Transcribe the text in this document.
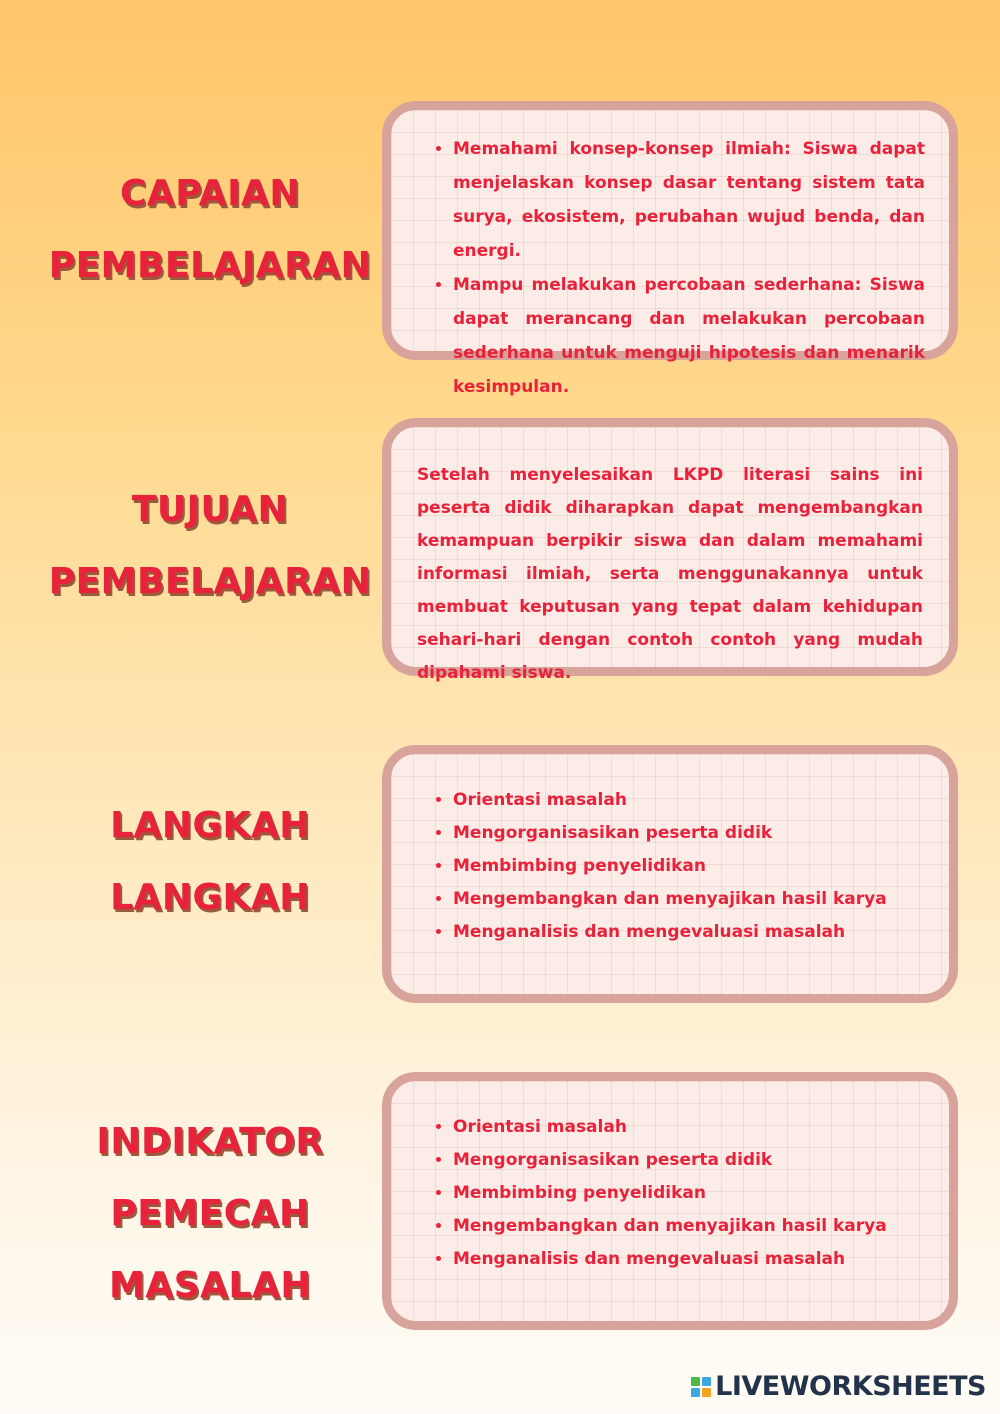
CAPAIAN
PEMBELAJARAN
• Memahami konsep-konsep ilmiah: Siswa dapat menjelaskan konsep dasar tentang sistem tata surya, ekosistem, perubahan wujud benda, dan energi.
• Mampu melakukan percobaan sederhana: Siswa dapat merancang dan melakukan percobaan sederhana untuk menguji hipotesis dan menarik kesimpulan.
TUJUAN
PEMBELAJARAN

Setelah menyelesaikan LKPD literasi sains ini peserta didik diharapkan dapat mengembangkan kemampuan berpikir siswa dan dalam memahami informasi ilmiah, serta menggunakannya untuk membuat keputusan yang tepat dalam kehidupan sehari-hari dengan contoh contoh yang mudah dipahami siswa.

LANGKAH
LANGKAH
• Orientasi masalah
• Mengorganisasikan peserta didik
• Membimbing penyelidikan
• Mengembangkan dan menyajikan hasil karya
• Menganalisis dan mengevaluasi masalah
INDIKATOR
PEMECAH
MASALAH
• Orientasi masalah
• Mengorganisasikan peserta didik
• Membimbing penyelidikan
• Mengembangkan dan menyajikan hasil karya
• Menganalisis dan mengevaluasi masalah
LIVEWORKSHEETS
